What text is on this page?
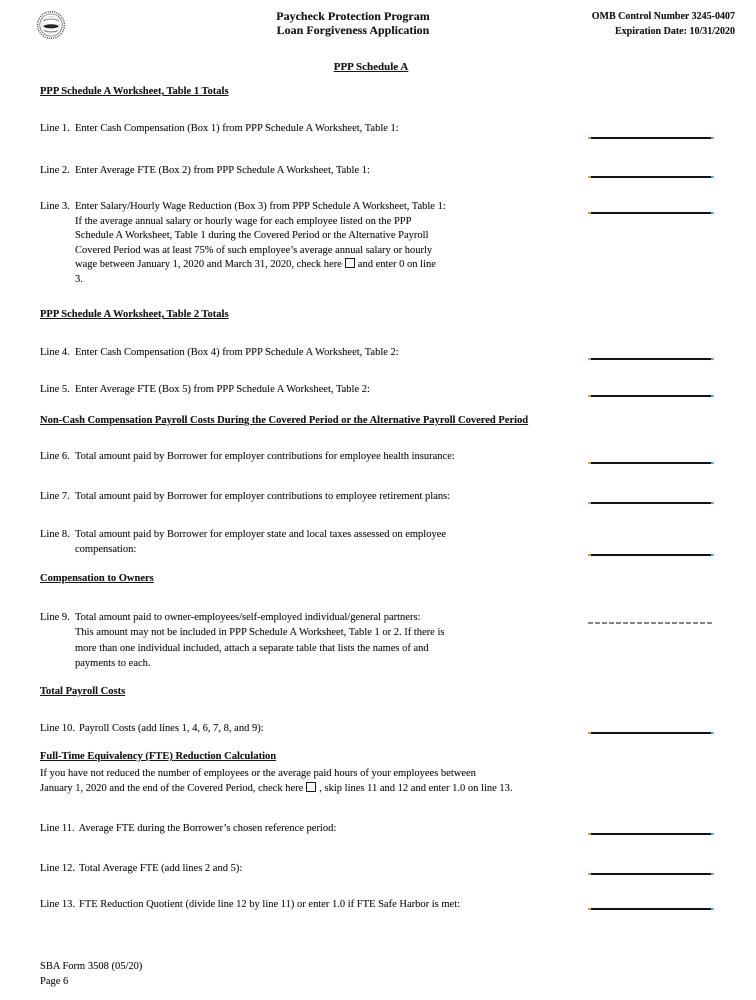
Paycheck Protection Program
Loan Forgiveness Application
OMB Control Number 3245-0407
Expiration Date: 10/31/2020
PPP Schedule A
PPP Schedule A Worksheet, Table 1 Totals
Line 1. Enter Cash Compensation (Box 1) from PPP Schedule A Worksheet, Table 1:
Line 2. Enter Average FTE (Box 2) from PPP Schedule A Worksheet, Table 1:
Line 3. Enter Salary/Hourly Wage Reduction (Box 3) from PPP Schedule A Worksheet, Table 1:
If the average annual salary or hourly wage for each employee listed on the PPP
Schedule A Worksheet, Table 1 during the Covered Period or the Alternative Payroll
Covered Period was at least 75% of such employee’s average annual salary or hourly
wage between January 1, 2020 and March 31, 2020, check here and enter 0 on line
3.
PPP Schedule A Worksheet, Table 2 Totals
Line 4. Enter Cash Compensation (Box 4) from PPP Schedule A Worksheet, Table 2:
Line 5. Enter Average FTE (Box 5) from PPP Schedule A Worksheet, Table 2:
Non-Cash Compensation Payroll Costs During the Covered Period or the Alternative Payroll Covered Period
Line 6. Total amount paid by Borrower for employer contributions for employee health insurance:
Line 7. Total amount paid by Borrower for employer contributions to employee retirement plans:
Line 8. Total amount paid by Borrower for employer state and local taxes assessed on employee
compensation:
Compensation to Owners
Line 9. Total amount paid to owner-employees/self-employed individual/general partners:
This amount may not be included in PPP Schedule A Worksheet, Table 1 or 2. If there is
more than one individual included, attach a separate table that lists the names of and
payments to each.
Total Payroll Costs
Line 10. Payroll Costs (add lines 1, 4, 6, 7, 8, and 9):
Full-Time Equivalency (FTE) Reduction Calculation
If you have not reduced the number of employees or the average paid hours of your employees between
January 1, 2020 and the end of the Covered Period, check here , skip lines 11 and 12 and enter 1.0 on line 13.
Line 11. Average FTE during the Borrower’s chosen reference period:
Line 12. Total Average FTE (add lines 2 and 5):
Line 13. FTE Reduction Quotient (divide line 12 by line 11) or enter 1.0 if FTE Safe Harbor is met:
SBA Form 3508 (05/20)
Page 6
